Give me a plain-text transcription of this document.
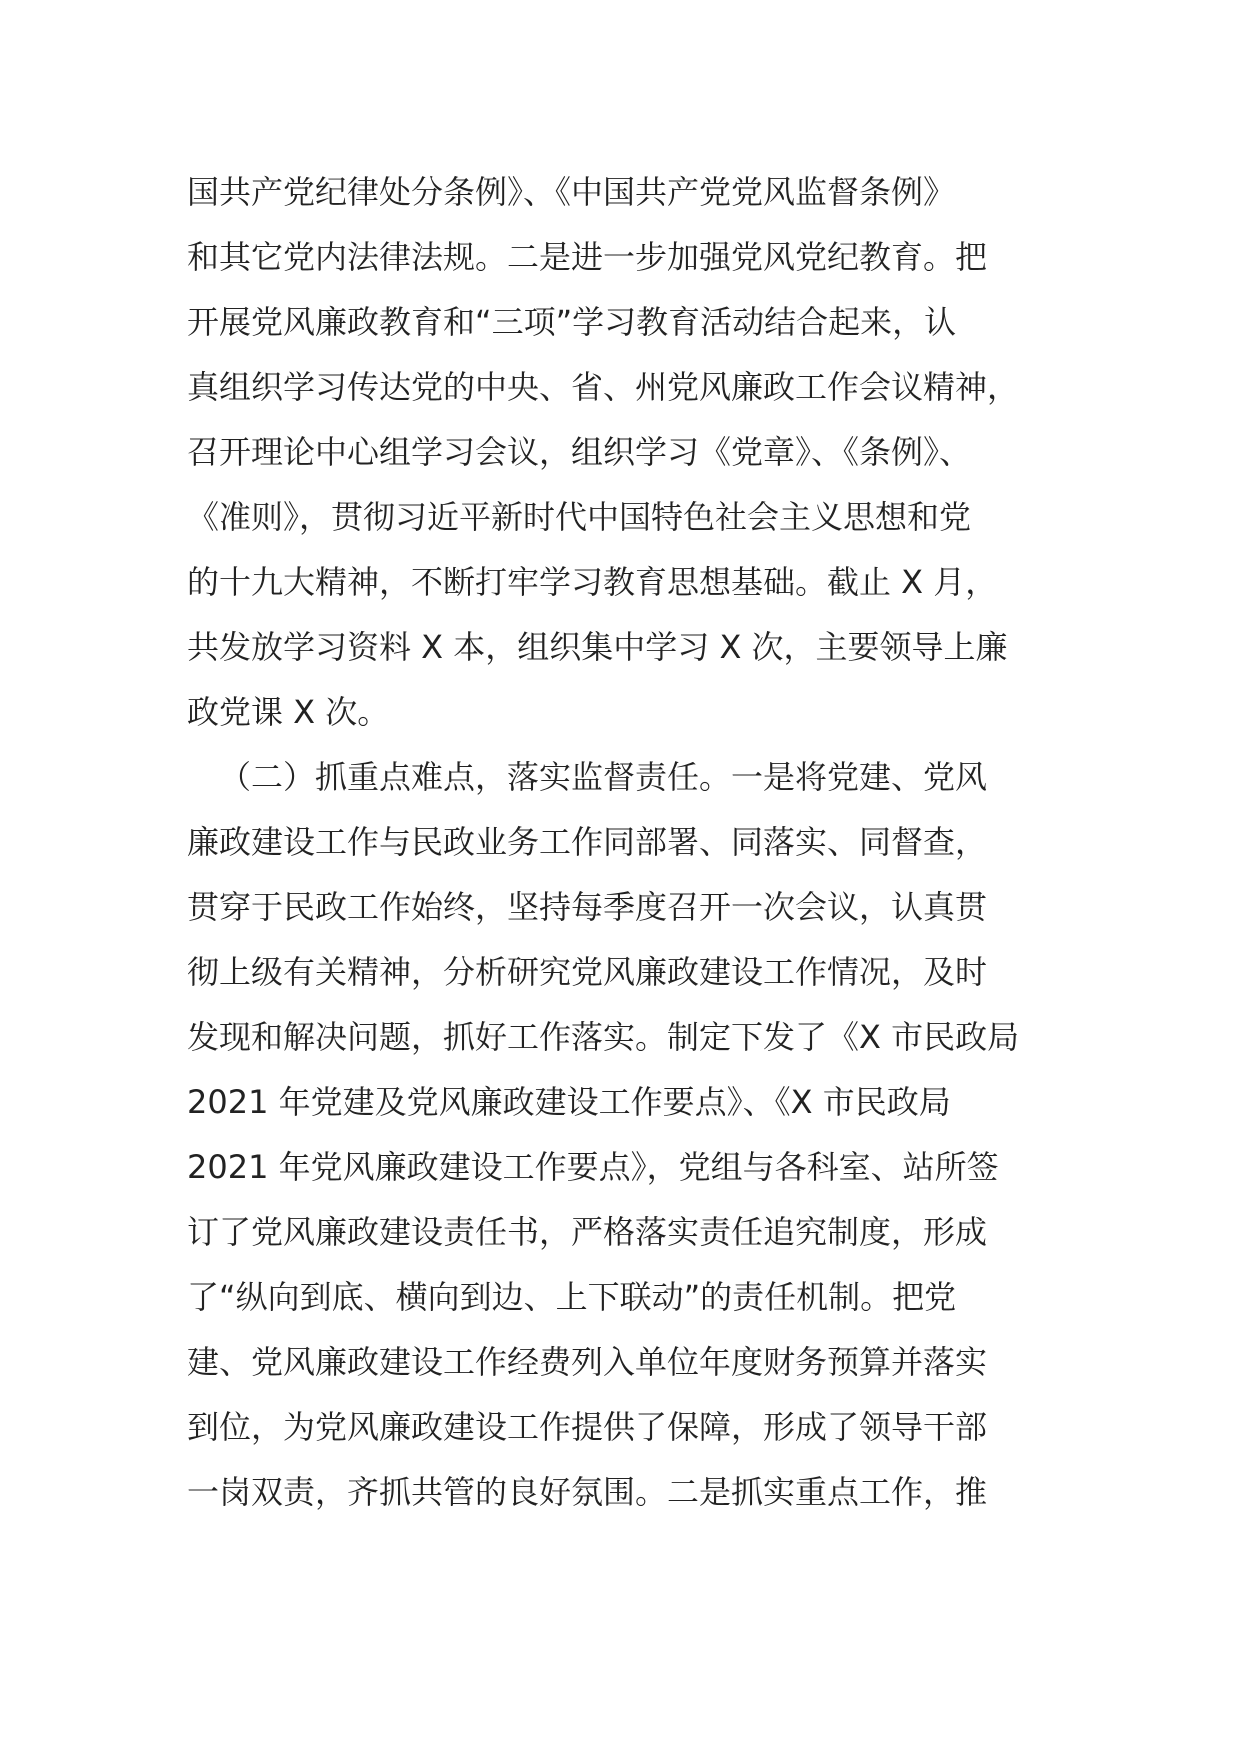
国共产党纪律处分条例》、《中国共产党党风监督条例》
和其它党内法律法规。二是进一步加强党风党纪教育。把
开展党风廉政教育和“三项”学习教育活动结合起来，认
真组织学习传达党的中央、省、州党风廉政工作会议精神，
召开理论中心组学习会议，组织学习《党章》、《条例》、
《准则》，贯彻习近平新时代中国特色社会主义思想和党
的十九大精神，不断打牢学习教育思想基础。截止 X 月，
共发放学习资料 X 本，组织集中学习 X 次，主要领导上廉
政党课 X 次。
（二）抓重点难点，落实监督责任。一是将党建、党风
廉政建设工作与民政业务工作同部署、同落实、同督查，
贯穿于民政工作始终，坚持每季度召开一次会议，认真贯
彻上级有关精神，分析研究党风廉政建设工作情况，及时
发现和解决问题，抓好工作落实。制定下发了《X 市民政局
2021 年党建及党风廉政建设工作要点》、《X 市民政局
2021 年党风廉政建设工作要点》，党组与各科室、站所签
订了党风廉政建设责任书，严格落实责任追究制度，形成
了“纵向到底、横向到边、上下联动”的责任机制。把党
建、党风廉政建设工作经费列入单位年度财务预算并落实
到位，为党风廉政建设工作提供了保障，形成了领导干部
一岗双责，齐抓共管的良好氛围。二是抓实重点工作，推
